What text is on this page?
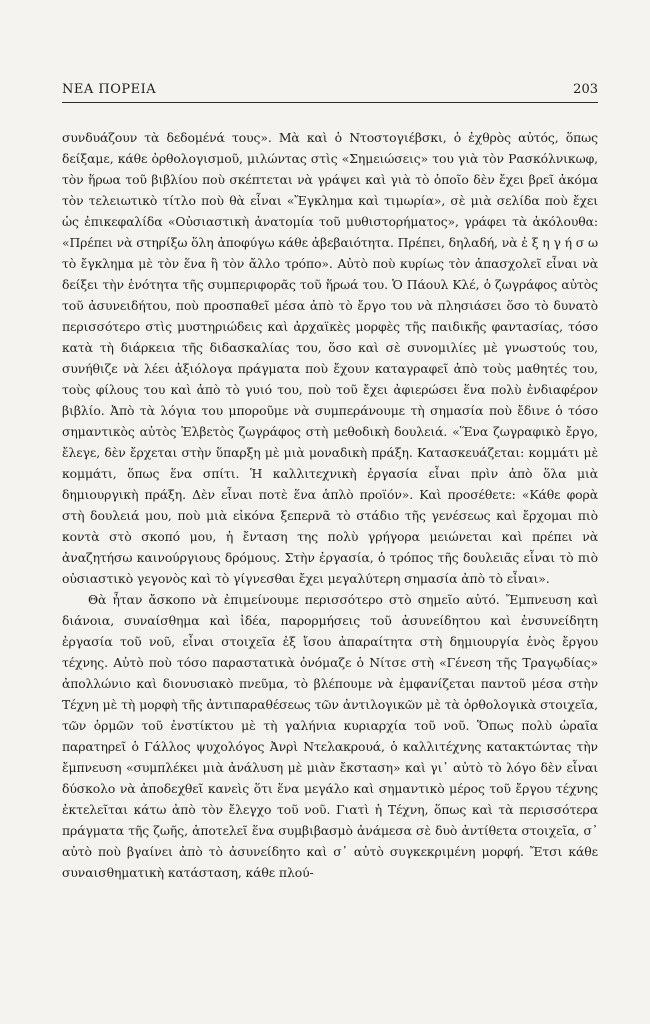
ΝΕΑ ΠΟΡΕΙΑ	203

συνδυάζουν τὰ δεδομένά τους». Μὰ καὶ ὁ Ντοστογιέβσκι, ὁ ἐχθρὸς αὐτός, ὅπως δείξαμε, κάθε ὀρθολογισμοῦ, μιλώντας στὶς «Σημειώσεις» του γιὰ τὸν Ρασκόλνικωφ, τὸν ἥρωα τοῦ βιβλίου ποὺ σκέπτεται νὰ γράψει καὶ γιὰ τὸ ὁποῖο δὲν ἔχει βρεῖ ἀκόμα τὸν τελειωτικὸ τίτλο ποὺ θὰ εἶναι «Ἔγκλημα καὶ τιμωρία», σὲ μιὰ σελίδα ποὺ ἔχει ὡς ἐπικεφαλίδα «Οὐσιαστικὴ ἀνατομία τοῦ μυθιστορήματος», γράφει τὰ ἀκόλουθα: «Πρέπει νὰ στηρίξω ὅλη ἀποφύγω κάθε ἀβεβαιότητα. Πρέπει, δηλαδή, νὰ ἐ ξ η γ ή σ ω τὸ ἔγκλημα μὲ τὸν ἕνα ἢ τὸν ἄλλο τρόπο». Αὐτὸ ποὺ κυρίως τὸν ἀπασχολεῖ εἶναι νὰ δείξει τὴν ἑνότητα τῆς συμπεριφορᾶς τοῦ ἥρωά του. Ὁ Πάουλ Κλέ, ὁ ζωγράφος αὐτὸς τοῦ ἀσυνειδήτου, ποὺ προσπαθεῖ μέσα ἀπὸ τὸ ἔργο του νὰ πλησιάσει ὅσο τὸ δυνατὸ περισσότερο στὶς μυστηριώδεις καὶ ἀρχαϊκὲς μορφὲς τῆς παιδικῆς φαντασίας, τόσο κατὰ τὴ διάρκεια τῆς διδασκαλίας του, ὅσο καὶ σὲ συνομιλίες μὲ γνωστούς του, συνήθιζε νὰ λέει ἀξιόλογα πράγματα ποὺ ἔχουν καταγραφεῖ ἀπὸ τοὺς μαθητές του, τοὺς φίλους του καὶ ἀπὸ τὸ γυιό του, ποὺ τοῦ ἔχει ἀφιερώσει ἕνα πολὺ ἐνδιαφέρον βιβλίο. Ἀπὸ τὰ λόγια του μποροῦμε νὰ συμπεράνουμε τὴ σημασία ποὺ ἔδινε ὁ τόσο σημαντικὸς αὐτὸς Ἑλβετὸς ζωγράφος στὴ μεθοδικὴ δουλειά. «Ἕνα ζωγραφικὸ ἔργο, ἔλεγε, δὲν ἔρχεται στὴν ὕπαρξη μὲ μιὰ μοναδικὴ πράξη. Κατασκευάζεται: κομμάτι μὲ κομμάτι, ὅπως ἕνα σπίτι. Ἡ καλλιτεχνικὴ ἐργασία εἶναι πρὶν ἀπὸ ὅλα μιὰ δημιουργικὴ πράξη. Δὲν εἶναι ποτὲ ἕνα ἁπλὸ προϊόν». Καὶ προσέθετε: «Κάθε φορὰ στὴ δουλειά μου, ποὺ μιὰ εἰκόνα ξεπερνᾶ τὸ στάδιο τῆς γενέσεως καὶ ἔρχομαι πιὸ κοντὰ στὸ σκοπό μου, ἡ ἔνταση της πολὺ γρήγορα μειώνεται καὶ πρέπει νὰ ἀναζητήσω καινούργιους δρόμους. Στὴν ἐργασία, ὁ τρόπος τῆς δουλειᾶς εἶναι τὸ πιὸ οὐσιαστικὸ γεγονὸς καὶ τὸ γίγνεσθαι ἔχει μεγαλύτερη σημασία ἀπὸ τὸ εἶναι».

Θὰ ἦταν ἄσκοπο νὰ ἐπιμείνουμε περισσότερο στὸ σημεῖο αὐτό. Ἔμπνευση καὶ διάνοια, συναίσθημα καὶ ἰδέα, παρορμήσεις τοῦ ἀσυνείδητου καὶ ἐνσυνείδητη ἐργασία τοῦ νοῦ, εἶναι στοιχεῖα ἐξ ἴσου ἀπαραίτητα στὴ δημιουργία ἑνὸς ἔργου τέχνης. Αὐτὸ ποὺ τόσο παραστατικὰ ὀνόμαζε ὁ Νίτσε στὴ «Γένεση τῆς Τραγῳδίας» ἀπολλώνιο καὶ διονυσιακὸ πνεῦμα, τὸ βλέπουμε νὰ ἐμφανίζεται παντοῦ μέσα στὴν Τέχνη μὲ τὴ μορφὴ τῆς ἀντιπαραθέσεως τῶν ἀντιλογικῶν μὲ τὰ ὀρθολογικὰ στοιχεῖα, τῶν ὁρμῶν τοῦ ἐνστίκτου μὲ τὴ γαλήνια κυριαρχία τοῦ νοῦ. Ὅπως πολὺ ὡραῖα παρατηρεῖ ὁ Γάλλος ψυχολόγος Ἀνρὶ Ντελακρουά, ὁ καλλιτέχνης κατακτώντας τὴν ἔμπνευση «συμπλέκει μιὰ ἀνάλυση μὲ μιὰν ἔκσταση» καὶ γι᾽ αὐτὸ τὸ λόγο δὲν εἶναι δύσκολο νὰ ἀποδεχθεῖ κανεὶς ὅτι ἕνα μεγάλο καὶ σημαντικὸ μέρος τοῦ ἔργου τέχνης ἐκτελεῖται κάτω ἀπὸ τὸν ἔλεγχο τοῦ νοῦ. Γιατὶ ἡ Τέχνη, ὅπως καὶ τὰ περισσότερα πράγματα τῆς ζωῆς, ἀποτελεῖ ἕνα συμβιβασμὸ ἀνάμεσα σὲ δυὸ ἀντίθετα στοιχεῖα, σ᾽ αὐτὸ ποὺ βγαίνει ἀπὸ τὸ ἀσυνείδητο καὶ σ᾽ αὐτὸ συγκεκριμένη μορφή. Ἔτσι κάθε συναισθηματικὴ κατάσταση, κάθε πλού-
